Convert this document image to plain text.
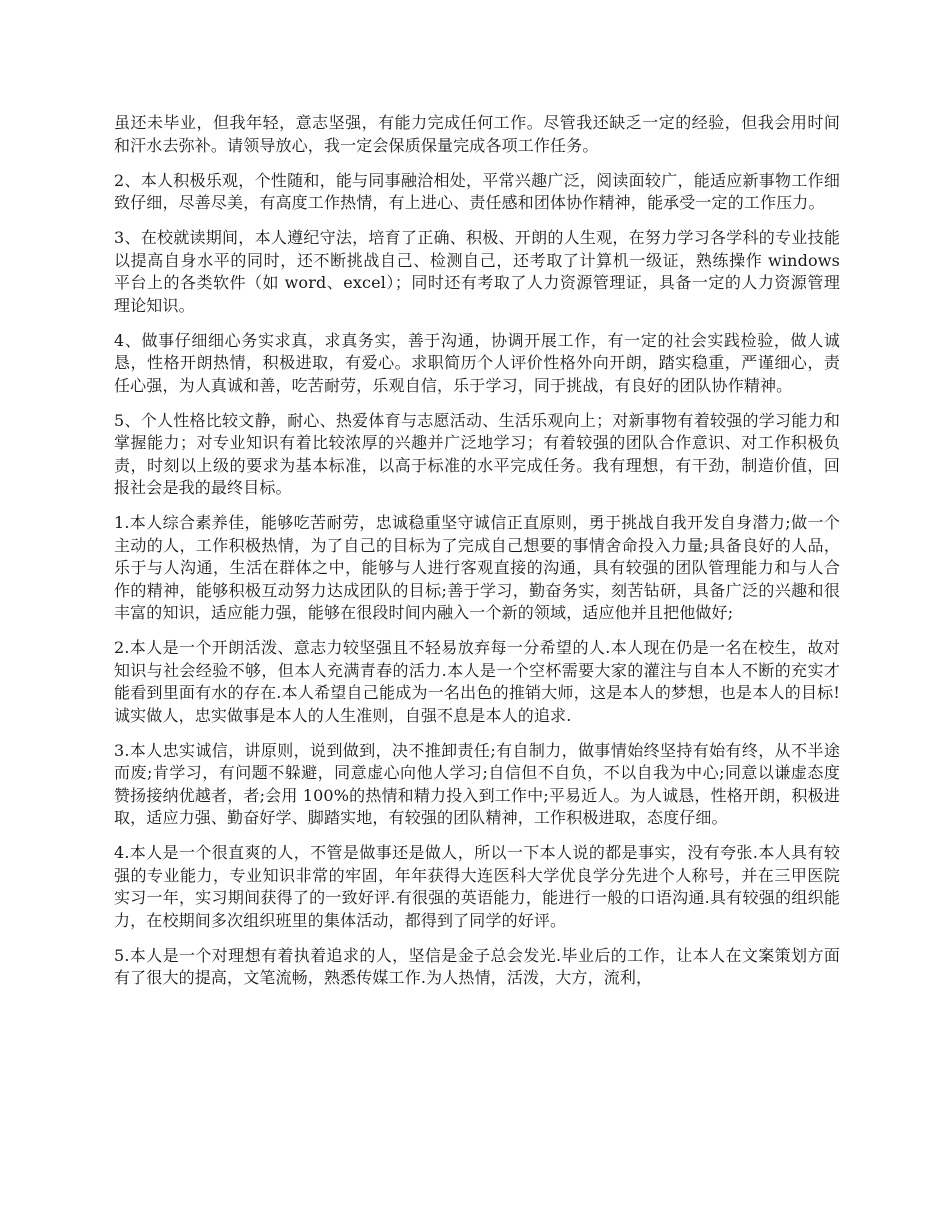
虽还未毕业，但我年轻，意志坚强，有能力完成任何工作。尽管我还缺乏一定的经验，但我会用时间和汗水去弥补。请领导放心，我一定会保质保量完成各项工作任务。

2、本人积极乐观，个性随和，能与同事融洽相处，平常兴趣广泛，阅读面较广，能适应新事物工作细致仔细，尽善尽美，有高度工作热情，有上进心、责任感和团体协作精神，能承受一定的工作压力。

3、在校就读期间，本人遵纪守法，培育了正确、积极、开朗的人生观，在努力学习各学科的专业技能以提高自身水平的同时，还不断挑战自己、检测自己，还考取了计算机一级证，熟练操作 windows 平台上的各类软件（如 word、excel）；同时还有考取了人力资源管理证，具备一定的人力资源管理理论知识。

4、做事仔细细心务实求真，求真务实，善于沟通，协调开展工作，有一定的社会实践检验，做人诚恳，性格开朗热情，积极进取，有爱心。求职简历个人评价性格外向开朗，踏实稳重，严谨细心，责任心强，为人真诚和善，吃苦耐劳，乐观自信，乐于学习，同于挑战，有良好的团队协作精神。

5、个人性格比较文静，耐心、热爱体育与志愿活动、生活乐观向上；对新事物有着较强的学习能力和掌握能力；对专业知识有着比较浓厚的兴趣并广泛地学习；有着较强的团队合作意识、对工作积极负责，时刻以上级的要求为基本标准，以高于标准的水平完成任务。我有理想，有干劲，制造价值，回报社会是我的最终目标。

1.本人综合素养佳，能够吃苦耐劳，忠诚稳重坚守诚信正直原则，勇于挑战自我开发自身潜力;做一个主动的人，工作积极热情，为了自己的目标为了完成自己想要的事情舍命投入力量;具备良好的人品，乐于与人沟通，生活在群体之中，能够与人进行客观直接的沟通，具有较强的团队管理能力和与人合作的精神，能够积极互动努力达成团队的目标;善于学习，勤奋务实，刻苦钻研，具备广泛的兴趣和很丰富的知识，适应能力强，能够在很段时间内融入一个新的领域，适应他并且把他做好;

2.本人是一个开朗活泼、意志力较坚强且不轻易放弃每一分希望的人.本人现在仍是一名在校生，故对知识与社会经验不够，但本人充满青春的活力.本人是一个空杯需要大家的灌注与自本人不断的充实才能看到里面有水的存在.本人希望自己能成为一名出色的推销大师，这是本人的梦想，也是本人的目标!诚实做人，忠实做事是本人的人生准则，自强不息是本人的追求.

3.本人忠实诚信，讲原则，说到做到，决不推卸责任;有自制力，做事情始终坚持有始有终，从不半途而废;肯学习，有问题不躲避，同意虚心向他人学习;自信但不自负，不以自我为中心;同意以谦虚态度赞扬接纳优越者，者;会用 100%的热情和精力投入到工作中;平易近人。为人诚恳，性格开朗，积极进取，适应力强、勤奋好学、脚踏实地，有较强的团队精神，工作积极进取，态度仔细。

4.本人是一个很直爽的人，不管是做事还是做人，所以一下本人说的都是事实，没有夸张.本人具有较强的专业能力，专业知识非常的牢固，年年获得大连医科大学优良学分先进个人称号，并在三甲医院实习一年，实习期间获得了的一致好评.有很强的英语能力，能进行一般的口语沟通.具有较强的组织能力，在校期间多次组织班里的集体活动，都得到了同学的好评。

5.本人是一个对理想有着执着追求的人，坚信是金子总会发光.毕业后的工作，让本人在文案策划方面有了很大的提高，文笔流畅，熟悉传媒工作.为人热情，活泼，大方，流利，
